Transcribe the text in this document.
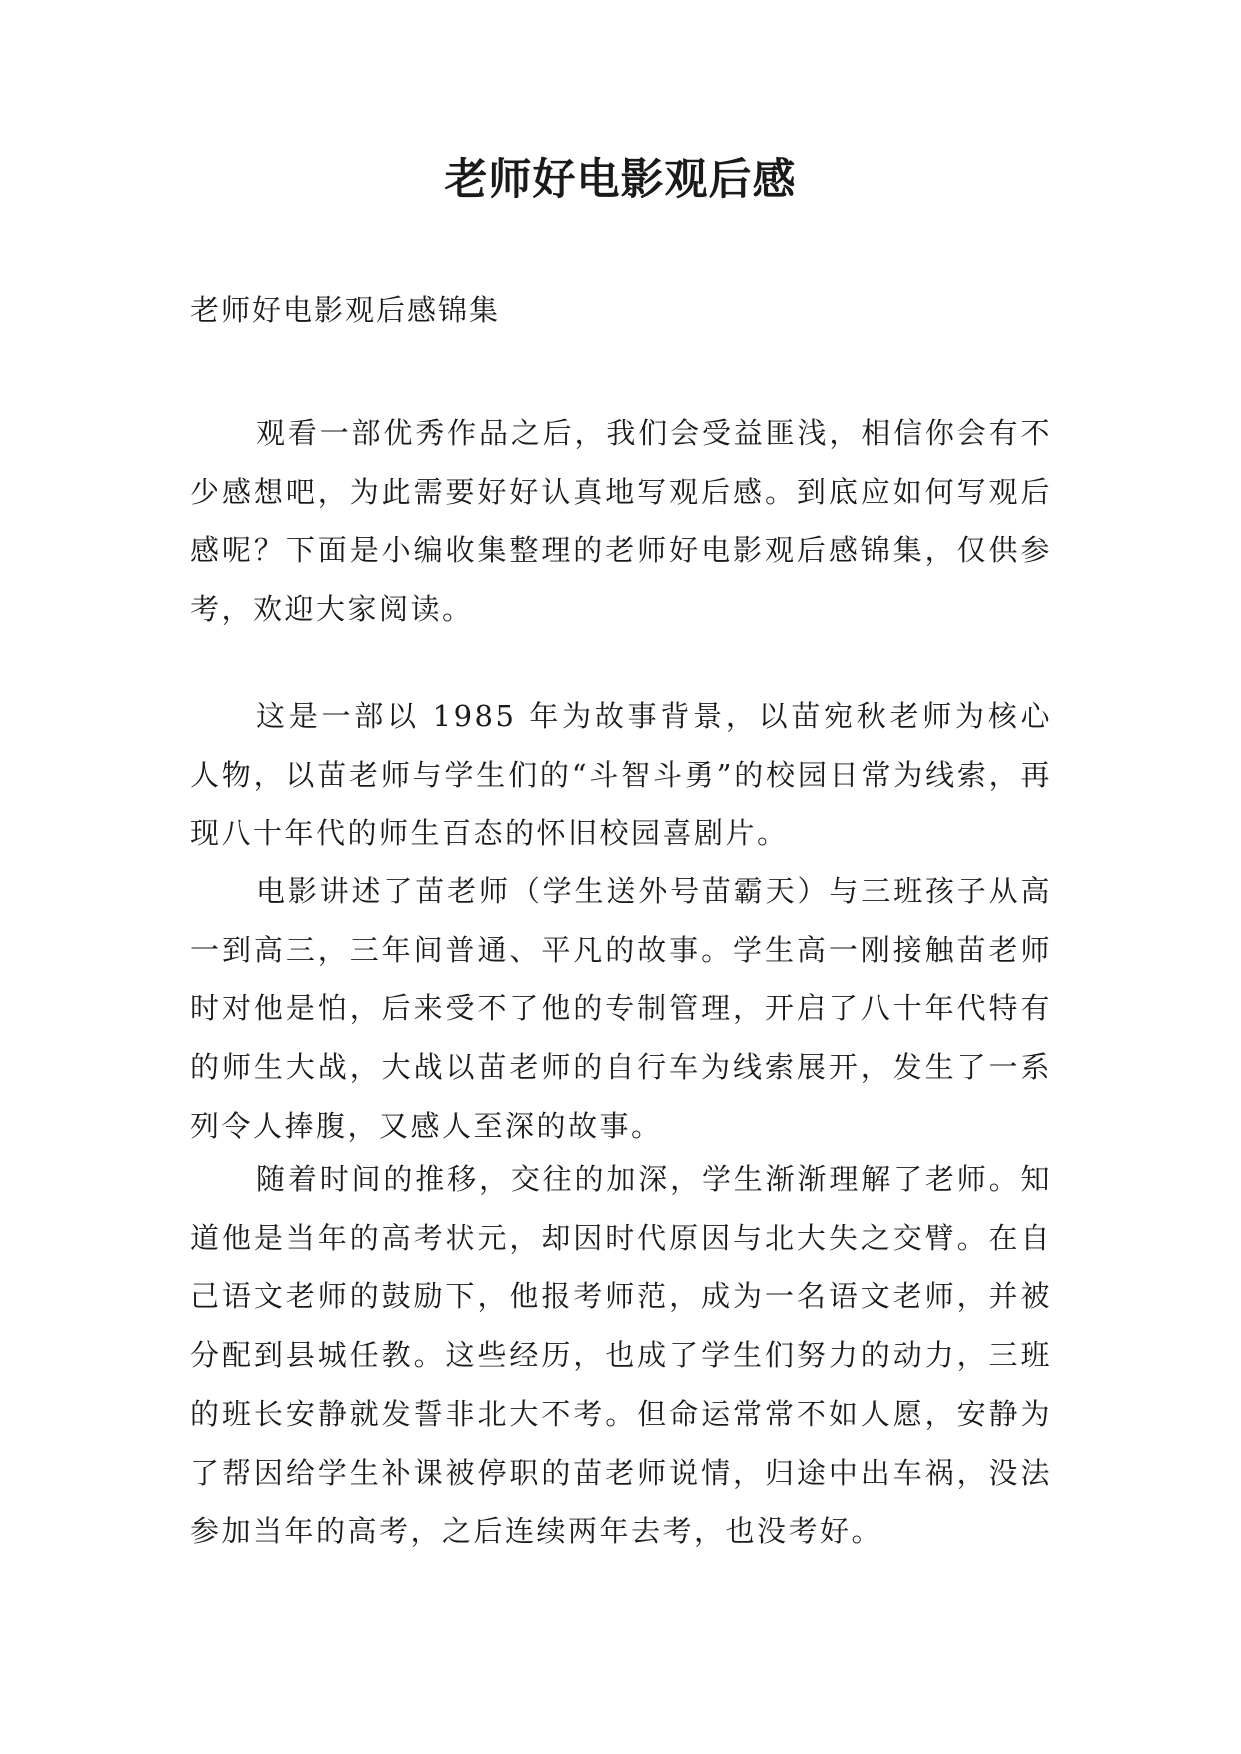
老师好电影观后感

老师好电影观后感锦集

观看一部优秀作品之后，我们会受益匪浅，相信你会有不少感想吧，为此需要好好认真地写观后感。到底应如何写观后感呢？下面是小编收集整理的老师好电影观后感锦集，仅供参考，欢迎大家阅读。

这是一部以 1985 年为故事背景，以苗宛秋老师为核心人物，以苗老师与学生们的“斗智斗勇”的校园日常为线索，再现八十年代的师生百态的怀旧校园喜剧片。

电影讲述了苗老师（学生送外号苗霸天）与三班孩子从高一到高三，三年间普通、平凡的故事。学生高一刚接触苗老师时对他是怕，后来受不了他的专制管理，开启了八十年代特有的师生大战，大战以苗老师的自行车为线索展开，发生了一系列令人捧腹，又感人至深的故事。

随着时间的推移，交往的加深，学生渐渐理解了老师。知道他是当年的高考状元，却因时代原因与北大失之交臂。在自己语文老师的鼓励下，他报考师范，成为一名语文老师，并被分配到县城任教。这些经历，也成了学生们努力的动力，三班的班长安静就发誓非北大不考。但命运常常不如人愿，安静为了帮因给学生补课被停职的苗老师说情，归途中出车祸，没法参加当年的高考，之后连续两年去考，也没考好。
